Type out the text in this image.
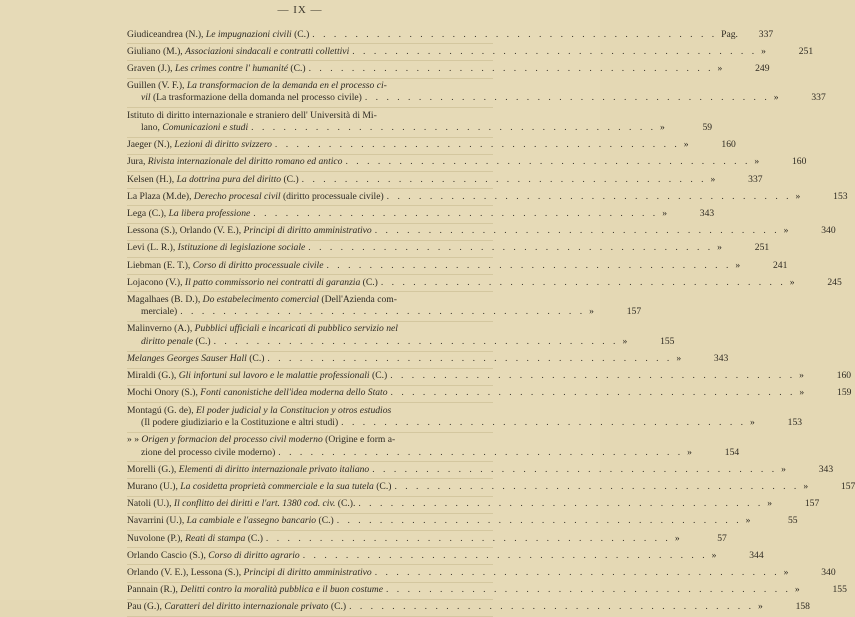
— IX —
Giudiceandrea (N.), Le impugnazioni civili (C.) . . . . . . . . . . . . . . . . . . . . . . . . . . . . . . . . . . . . . . Pag.	337
Giuliano (M.), Associazioni sindacali e contratti collettivi . . . . . . . . . . . . . . . . . . . . . . . . . . . . . . . . . . . . . . »	251
Graven (J.), Les crimes contre l' humanité (C.) . . . . . . . . . . . . . . . . . . . . . . . . . . . . . . . . . . . . . . »	249
Guillen (V. F.), La transformacion de la demanda en el processo ci-
vil (La trasformazione della domanda nel processo civile) . . . . . . . . . . . . . . . . . . . . . . . . . . . . . . . . . . . . . . »	337
Istituto di diritto internazionale e straniero dell' Università di Mi-
lano, Comunicazioni e studi . . . . . . . . . . . . . . . . . . . . . . . . . . . . . . . . . . . . . . »	59
Jaeger (N.), Lezioni di diritto svizzero . . . . . . . . . . . . . . . . . . . . . . . . . . . . . . . . . . . . . . »	160
Jura, Rivista internazionale del diritto romano ed antico . . . . . . . . . . . . . . . . . . . . . . . . . . . . . . . . . . . . . . »	160
Kelsen (H.), La dottrina pura del diritto (C.) . . . . . . . . . . . . . . . . . . . . . . . . . . . . . . . . . . . . . . »	337
La Plaza (M.de), Derecho procesal civil (diritto processuale civile) . . . . . . . . . . . . . . . . . . . . . . . . . . . . . . . . . . . . . . »	153
Lega (C.), La libera professione . . . . . . . . . . . . . . . . . . . . . . . . . . . . . . . . . . . . . . »	343
Lessona (S.), Orlando (V. E.), Principi di diritto amministrativo . . . . . . . . . . . . . . . . . . . . . . . . . . . . . . . . . . . . . . »	340
Levi (L. R.), Istituzione di legislazione sociale . . . . . . . . . . . . . . . . . . . . . . . . . . . . . . . . . . . . . . »	251
Liebman (E. T.), Corso di diritto processuale civile . . . . . . . . . . . . . . . . . . . . . . . . . . . . . . . . . . . . . . »	241
Lojacono (V.), Il patto commissorio nei contratti di garanzia (C.) . . . . . . . . . . . . . . . . . . . . . . . . . . . . . . . . . . . . . . »	245
Magalhaes (B. D.), Do estabelecimento comercial (Dell'Azienda com-
merciale) . . . . . . . . . . . . . . . . . . . . . . . . . . . . . . . . . . . . . . »	157
Malinverno (A.), Pubblici ufficiali e incaricati di pubblico servizio nel
diritto penale (C.) . . . . . . . . . . . . . . . . . . . . . . . . . . . . . . . . . . . . . . »	155
Melanges Georges Sauser Hall (C.) . . . . . . . . . . . . . . . . . . . . . . . . . . . . . . . . . . . . . . »	343
Miraldi (G.), Gli infortuni sul lavoro e le malattie professionali (C.) . . . . . . . . . . . . . . . . . . . . . . . . . . . . . . . . . . . . . . »	160
Mochi Onory (S.), Fonti canonistiche dell'idea moderna dello Stato . . . . . . . . . . . . . . . . . . . . . . . . . . . . . . . . . . . . . . »	159
Montagú (G. de), El poder judicial y la Constitucion y otros estudios
(Il podere giudiziario e la Costituzione e altri studi) . . . . . . . . . . . . . . . . . . . . . . . . . . . . . . . . . . . . . . »	153
» » Origen y formacion del processo civil moderno (Origine e form a-
zione del processo civile moderno) . . . . . . . . . . . . . . . . . . . . . . . . . . . . . . . . . . . . . . »	154
Morelli (G.), Elementi di diritto internazionale privato italiano . . . . . . . . . . . . . . . . . . . . . . . . . . . . . . . . . . . . . . »	343
Murano (U.), La cosidetta proprietà commerciale e la sua tutela (C.) . . . . . . . . . . . . . . . . . . . . . . . . . . . . . . . . . . . . . . »	157
Natoli (U.), Il conflitto dei diritti e l'art. 1380 cod. civ. (C.). . . . . . . . . . . . . . . . . . . . . . . . . . . . . . . . . . . . . . . »	157
Navarrini (U.), La cambiale e l'assegno bancario (C.) . . . . . . . . . . . . . . . . . . . . . . . . . . . . . . . . . . . . . . »	55
Nuvolone (P.), Reati di stampa (C.) . . . . . . . . . . . . . . . . . . . . . . . . . . . . . . . . . . . . . . »	57
Orlando Cascio (S.), Corso di diritto agrario . . . . . . . . . . . . . . . . . . . . . . . . . . . . . . . . . . . . . . »	344
Orlando (V. E.), Lessona (S.), Principi di diritto amministrativo . . . . . . . . . . . . . . . . . . . . . . . . . . . . . . . . . . . . . . »	340
Pannain (R.), Delitti contro la moralità pubblica e il buon costume . . . . . . . . . . . . . . . . . . . . . . . . . . . . . . . . . . . . . . »	155
Pau (G.), Caratteri del diritto internazionale privato (C.) . . . . . . . . . . . . . . . . . . . . . . . . . . . . . . . . . . . . . . »	158
